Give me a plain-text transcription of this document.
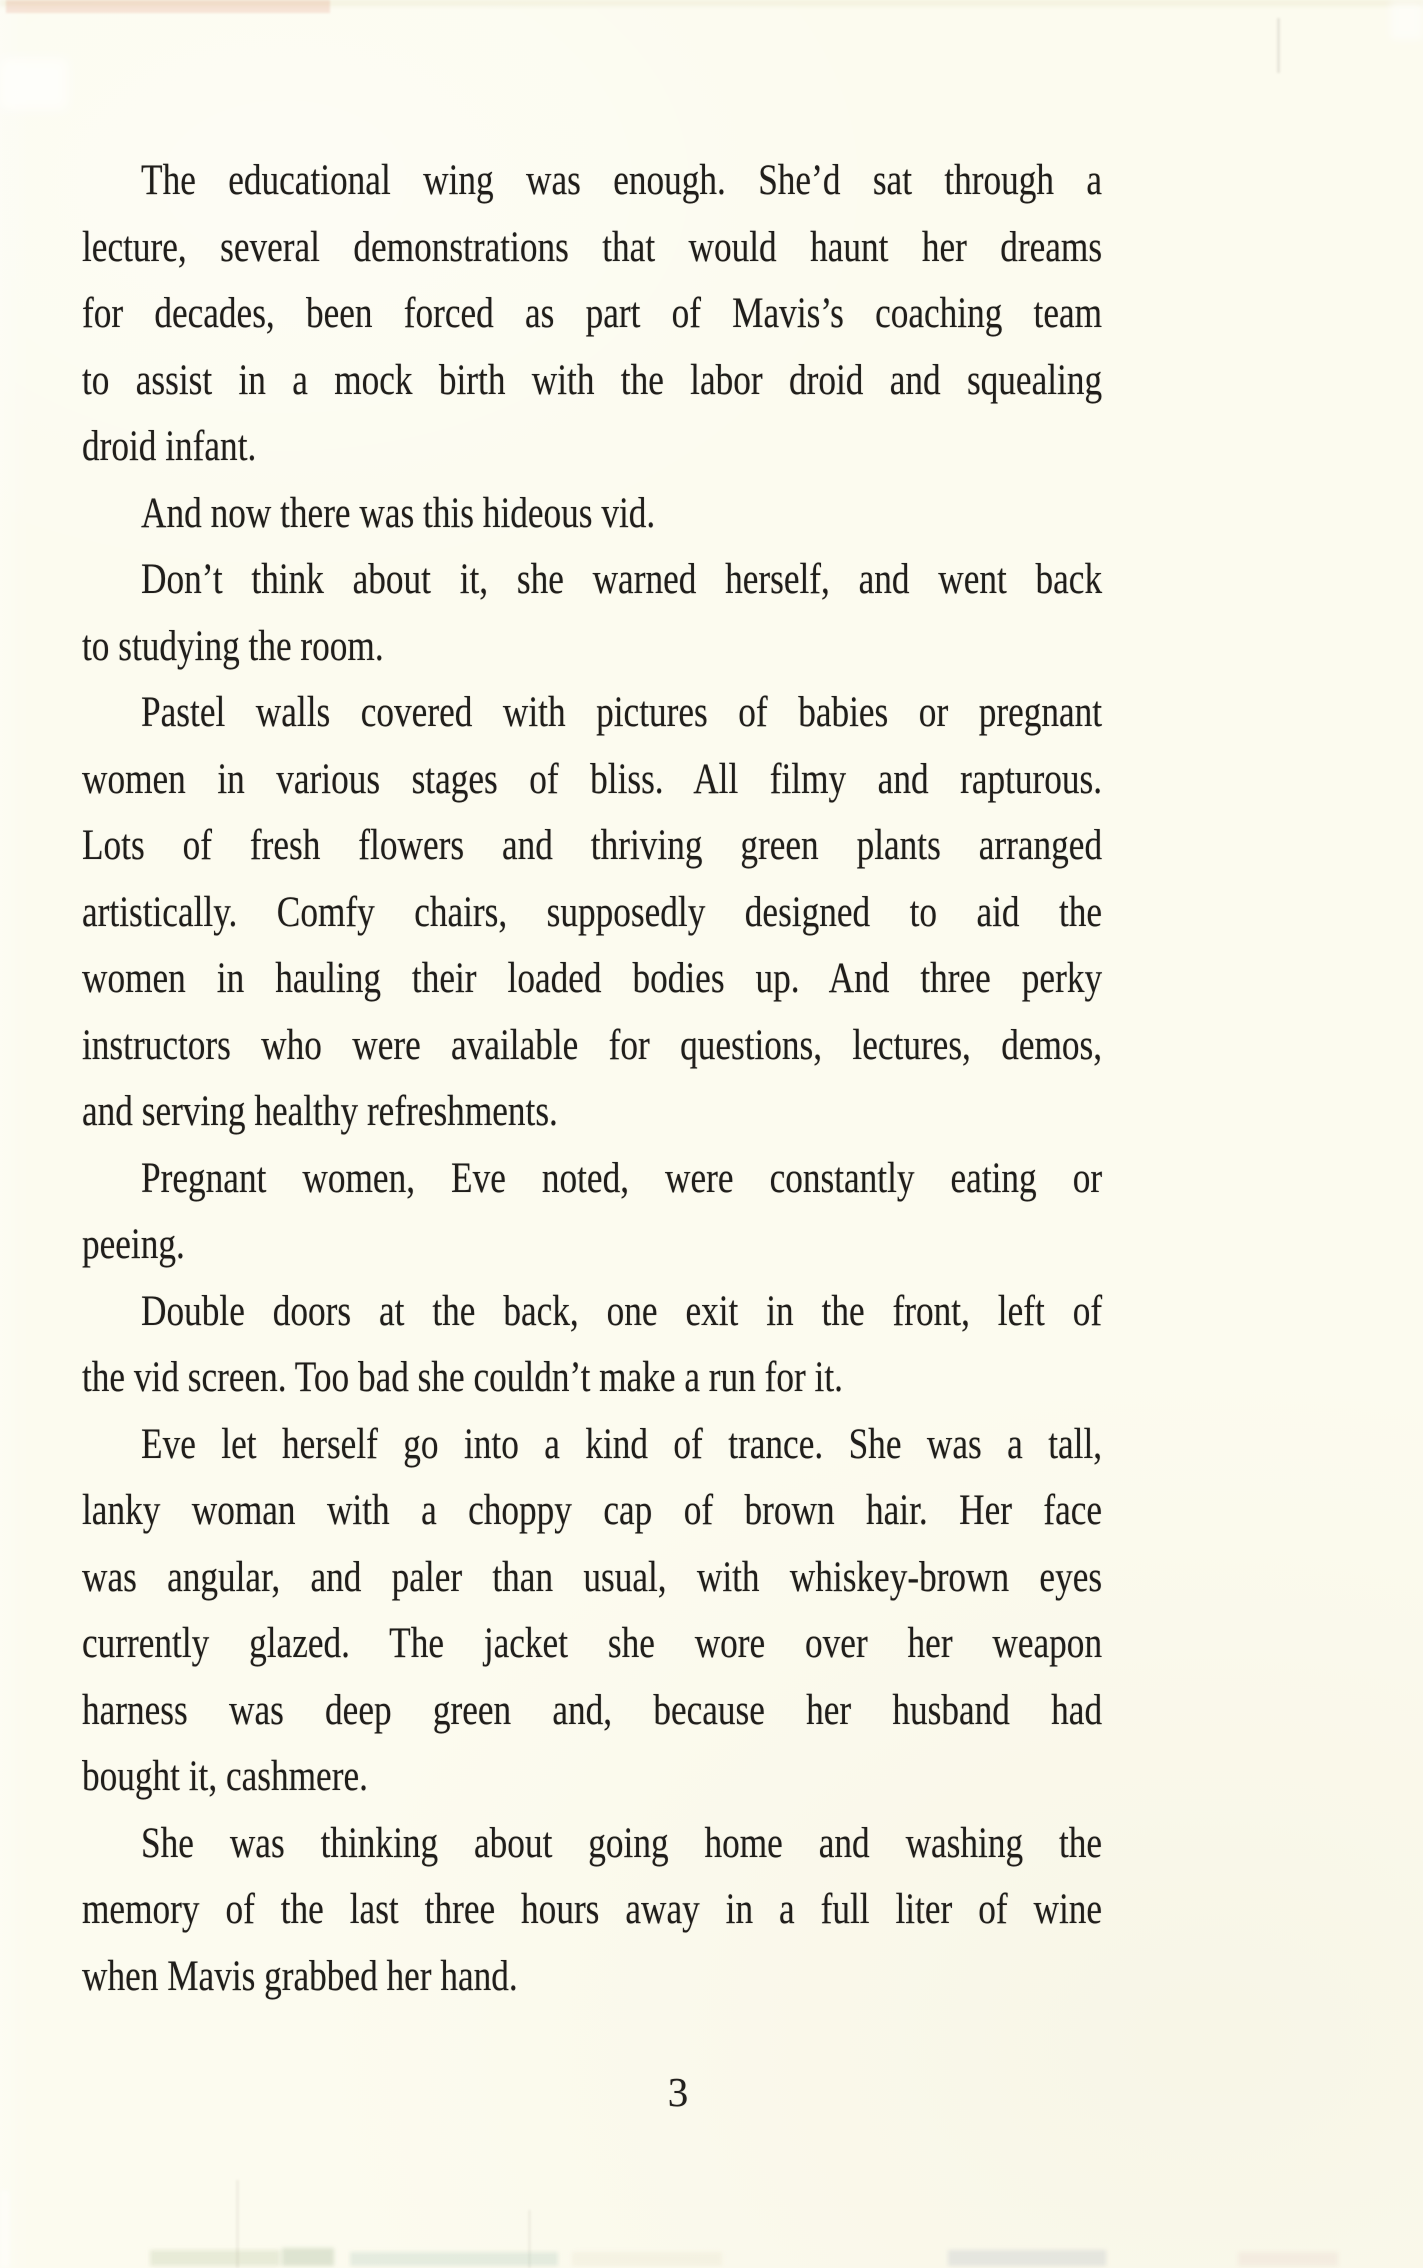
The educational wing was enough. She’d sat through a
lecture, several demonstrations that would haunt her dreams
for decades, been forced as part of Mavis’s coaching team
to assist in a mock birth with the labor droid and squealing
droid infant.
And now there was this hideous vid.
Don’t think about it, she warned herself, and went back
to studying the room.
Pastel walls covered with pictures of babies or pregnant
women in various stages of bliss. All filmy and rapturous.
Lots of fresh flowers and thriving green plants arranged
artistically. Comfy chairs, supposedly designed to aid the
women in hauling their loaded bodies up. And three perky
instructors who were available for questions, lectures, demos,
and serving healthy refreshments.
Pregnant women, Eve noted, were constantly eating or
peeing.
Double doors at the back, one exit in the front, left of
the vid screen. Too bad she couldn’t make a run for it.
Eve let herself go into a kind of trance. She was a tall,
lanky woman with a choppy cap of brown hair. Her face
was angular, and paler than usual, with whiskey-brown eyes
currently glazed. The jacket she wore over her weapon
harness was deep green and, because her husband had
bought it, cashmere.
She was thinking about going home and washing the
memory of the last three hours away in a full liter of wine
when Mavis grabbed her hand.
3
